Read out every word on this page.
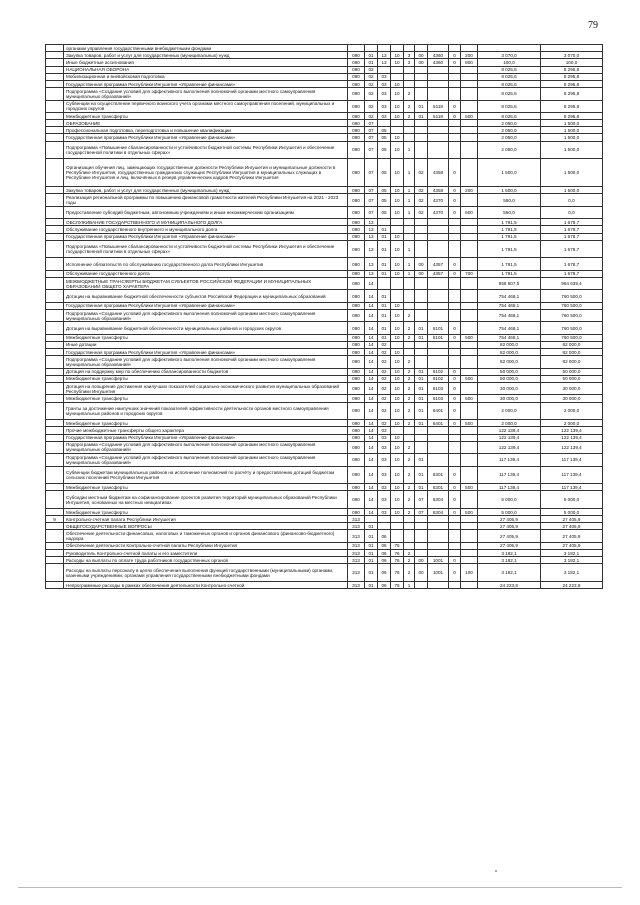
79
	органами управления государственными внебюджетными фондами											
	Закупка товаров, работ и услуг для государственных (муниципальных) нужд	090	01	13	10	3	00	4360	0	200	3 070,0	3 070,0
	Иные бюджетные ассигнования	090	01	13	10	3	00	4360	0	800	100,0	100,0
	НАЦИОНАЛЬНАЯ ОБОРОНА	090	02								8 025,6	8 295,8
	Мобилизационная и вневойсковая подготовка	090	02	03							8 025,6	8 295,8
	Государственная программа Республики Ингушетия «Управление финансами»	090	02	03	10						8 025,6	8 295,8
	Подпрограмма «Создание условий для эффективного выполнения полномочий органами местного самоуправления муниципальных образований»	090	02	03	10	2					8 025,6	8 295,8
	Субвенции на осуществление первичного воинского учета органами местного самоуправления поселений, муниципальных и городских округов	090	02	03	10	2	01	5118	0		8 025,6	8 295,8
	Межбюджетные трансферты	090	02	03	10	2	01	5118	0	500	8 025,6	8 295,8
	ОБРАЗОВАНИЕ	090	07								2 050,0	1 500,0
	Профессиональная подготовка, переподготовка и повышение квалификации	090	07	05							2 050,0	1 500,0
	Государственная программа Республики Ингушетия «Управление финансами»	090	07	05	10						2 050,0	1 500,0
	Подпрограмма «Повышение сбалансированности и устойчивости бюджетной системы Республики Ингушетия и обеспечение государственной политики в отдельных сферах»	090	07	05	10	1					2 050,0	1 500,0
	Организация обучения лиц, замещающих государственные должности Республики Ингушетия и муниципальные должности в Республике Ингушетия, государственных гражданских служащих Республики Ингушетия и муниципальных служащих в Республике Ингушетия и лиц, включённых в резерв управленческих кадров Республики Ингушетия	090	07	05	10	1	02	4358	0		1 500,0	1 500,0
	Закупка товаров, работ и услуг для государственных (муниципальных) нужд	090	07	05	10	1	02	4358	0	200	1 500,0	1 500,0
	Реализация региональной программы по повышению финансовой грамотности жителей Республики Ингушетия на 2021 - 2023 годы	090	07	05	10	1	02	4370	0		550,0	0,0
	Предоставление субсидий бюджетным, автономным учреждениям и иным некоммерческим организациям	090	07	05	10	1	02	4370	0	600	550,0	0,0
	ОБСЛУЖИВАНИЕ ГОСУДАРСТВЕННОГО И МУНИЦИПАЛЬНОГО ДОЛГА	090	13								1 791,5	1 678,7
	Обслуживание государственного внутреннего и муниципального долга	090	13	01							1 791,5	1 678,7
	Государственная программа Республики Ингушетия «Управление финансами»	090	13	01	10						1 791,5	1 678,7
	Подпрограмма «Повышение сбалансированности и устойчивости бюджетной системы Республики Ингушетия и обеспечение государственной политики в отдельных сферах»	090	13	01	10	1					1 791,5	1 678,7
	Исполнение обязательств по обслуживанию государственного долга Республики Ингушетия	090	13	01	10	1	00	4357	0		1 791,5	1 678,7
	Обслуживание государственного долга	090	13	01	10	1	00	4357	0	700	1 791,5	1 678,7
	МЕЖБЮДЖЕТНЫЕ ТРАНСФЕРТЫ БЮДЖЕТАМ СУБЪЕКТОВ РОССИЙСКОЙ ФЕДЕРАЦИИ И МУНИЦИПАЛЬНЫХ ОБРАЗОВАНИЙ ОБЩЕГО ХАРАКТЕРА	090	14								958 607,5	964 639,4
	Дотации на выравнивание бюджетной обеспеченности субъектов Российской Федерации и муниципальных образований	090	14	01							754 468,1	760 500,0
	Государственная программа Республики Ингушетия «Управление финансами»	090	14	01	10						754 468,1	760 500,0
	Подпрограмма «Создание условий для эффективного выполнения полномочий органами местного самоуправления муниципальных образований»	090	14	01	10	2					754 468,1	760 500,0
	Дотация на выравнивание бюджетной обеспеченности муниципальных районов и городских округов	090	14	01	10	2	01	6101	0		754 468,1	760 500,0
	Межбюджетные трансферты	090	14	01	10	2	01	6101	0	500	754 468,1	760 500,0
	Иные дотации	090	14	02							82 000,0	82 000,0
	Государственная программа Республики Ингушетия «Управление финансами»	090	14	02	10						82 000,0	82 000,0
	Подпрограмма «Создание условий для эффективного выполнения полномочий органами местного самоуправления муниципальных образований»	090	14	02	10	2					82 000,0	82 000,0
	Дотация на поддержку мер по обеспечению сбалансированности бюджетов	090	14	02	10	2	01	6102	0		50 000,0	50 000,0
	Межбюджетные трансферты	090	14	02	10	2	01	6102	0	500	50 000,0	50 000,0
	Дотация на поощрение достижения наилучших показателей социально-экономического развития муниципальных образований Республики Ингушетия	090	14	02	10	2	01	6103	0		30 000,0	30 000,0
	Межбюджетные трансферты	090	14	02	10	2	01	6103	0	500	30 000,0	30 000,0
	Гранты за достижение наилучших значений показателей эффективности деятельности органов местного самоуправления муниципальных районов и городских округов	090	14	02	10	2	01	6401	0		2 000,0	2 000,0
	Межбюджетные трансферты	090	14	02	10	2	01	6401	0	500	2 000,0	2 000,0
	Прочие межбюджетные трансферты общего характера	090	14	03							122 139,4	122 139,4
	Государственная программа Республики Ингушетия «Управление финансами»	090	14	03	10						122 139,4	122 139,4
	Подпрограмма «Создание условий для эффективного выполнения полномочий органами местного самоуправления муниципальных образований»	090	14	03	10	2					122 139,4	122 139,4
	Подпрограмма «Создание условий для эффективного выполнения полномочий органами местного самоуправления муниципальных образований»	090	14	03	10	2	01				117 139,4	117 139,4
	Субвенции бюджетам муниципальных районов на исполнение полномочий по расчёту и предоставлению дотаций бюджетам сельских поселений Республики Ингушетия	090	14	03	10	2	01	6301	0		117 139,4	117 139,4
	Межбюджетные трансферты	090	14	03	10	2	01	6301	0	500	117 139,4	117 139,4
	Субсидии местным бюджетам на софинансирование проектов развития территорий муниципальных образований Республики Ингушетия, основанных на местных инициативах	090	14	03	10	2	07	6304	0		5 000,0	5 000,0
	Межбюджетные трансферты	090	14	03	10	2	07	6304	0	500	5 000,0	5 000,0
9	Контрольно-счетная палата Республики Ингушетия	313									27 405,9	27 405,9
	ОБЩЕГОСУДАРСТВЕННЫЕ ВОПРОСЫ	313	01								27 405,9	27 405,9
	Обеспечение деятельности финансовых, налоговых и таможенных органов и органов финансового (финансово-бюджетного) надзора	313	01	06							27 405,9	27 405,9
	Обеспечение деятельности Контрольно-счетной палаты Республики Ингушетия	313	01	06	76						27 405,9	27 405,9
	Руководитель Контрольно-счетной палаты и его заместители	313	01	06	76	2					3 182,1	3 182,1
	Расходы на выплаты по оплате труда работников государственных органов	313	01	06	76	2	00	1001	0		3 182,1	3 182,1
	Расходы на выплаты персоналу в целях обеспечения выполнения функций государственными (муниципальными) органами, казенными учреждениями, органами управления государственными внебюджетными фондами	313	01	06	76	2	00	1001	0	100	3 182,1	3 182,1
	Непрограммные расходы в рамках обеспечения деятельности Контрольно-счетной	313	01	06	76	1					24 223,8	24 223,8
